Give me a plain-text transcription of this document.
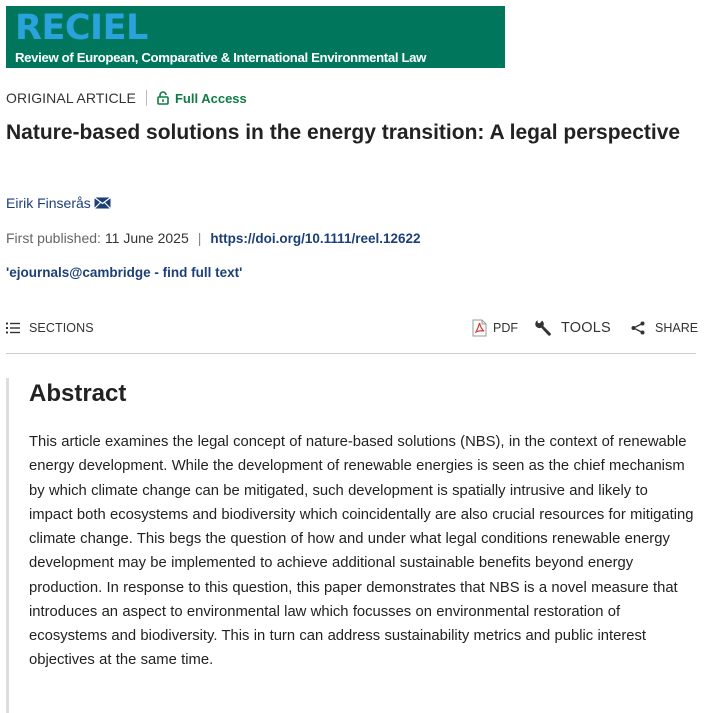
RECIEL
Review of European, Comparative & International Environmental Law
ORIGINAL ARTICLE	Full Access
Nature-based solutions in the energy transition: A legal perspective
Eirik Finserås
First published: 11 June 2025 | https://doi.org/10.1111/reel.12622
'ejournals@cambridge - find full text'
SECTIONS	PDF	TOOLS	SHARE
Abstract

This article examines the legal concept of nature-based solutions (NBS), in the context of renewable energy development. While the development of renewable energies is seen as the chief mechanism by which climate change can be mitigated, such development is spatially intrusive and likely to impact both ecosystems and biodiversity which coincidentally are also crucial resources for mitigating climate change. This begs the question of how and under what legal conditions renewable energy development may be implemented to achieve additional sustainable benefits beyond energy production. In response to this question, this paper demonstrates that NBS is a novel measure that introduces an aspect to environmental law which focusses on environmental restoration of ecosystems and biodiversity. This in turn can address sustainability metrics and public interest objectives at the same time.
